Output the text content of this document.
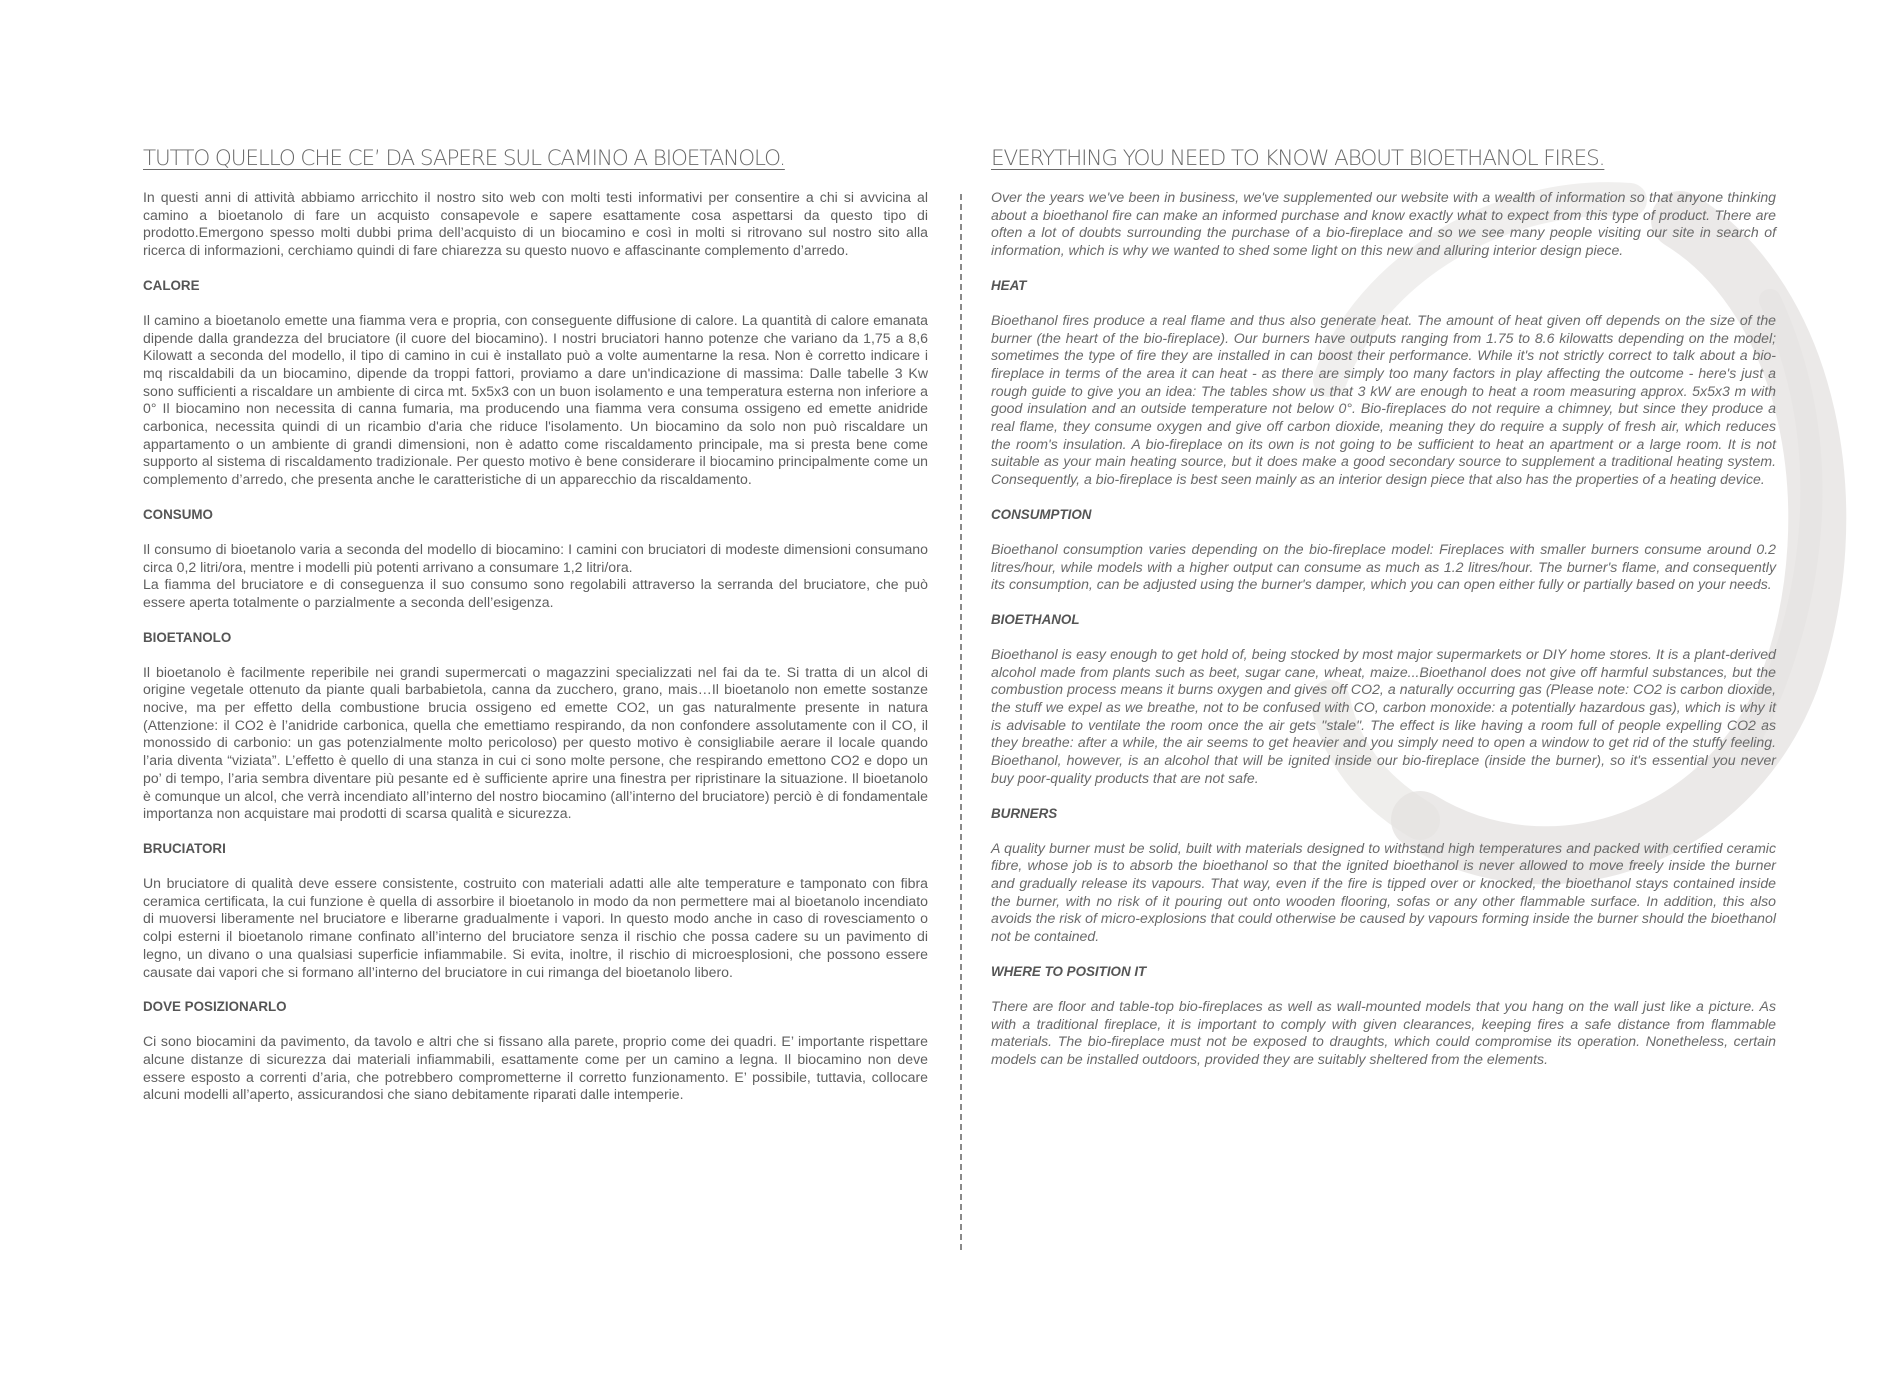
TUTTO QUELLO CHE CE’ DA SAPERE SUL CAMINO A BIOETANOLO.

In questi anni di attività abbiamo arricchito il nostro sito web con molti testi informativi per consentire a chi si avvicina al camino a bioetanolo di fare un acquisto consapevole e sapere esattamente cosa aspettarsi da questo tipo di prodotto.Emergono spesso molti dubbi prima dell’acquisto di un biocamino e così in molti si ritrovano sul nostro sito alla ricerca di informazioni, cerchiamo quindi di fare chiarezza su questo nuovo e affascinante complemento d’arredo.

CALORE

Il camino a bioetanolo emette una fiamma vera e propria, con conseguente diffusione di calore. La quantità di calore emanata dipende dalla grandezza del bruciatore (il cuore del biocamino). I nostri bruciatori hanno potenze che variano da 1,75 a 8,6 Kilowatt a seconda del modello, il tipo di camino in cui è installato può a volte aumentarne la resa. Non è corretto indicare i mq riscaldabili da un biocamino, dipende da troppi fattori, proviamo a dare un'indicazione di massima: Dalle tabelle 3 Kw sono sufficienti a riscaldare un ambiente di circa mt. 5x5x3 con un buon isolamento e una temperatura esterna non inferiore a 0° Il biocamino non necessita di canna fumaria, ma producendo una fiamma vera consuma ossigeno ed emette anidride carbonica, necessita quindi di un ricambio d'aria che riduce l'isolamento. Un biocamino da solo non può riscaldare un appartamento o un ambiente di grandi dimensioni, non è adatto come riscaldamento principale, ma si presta bene come supporto al sistema di riscaldamento tradizionale. Per questo motivo è bene considerare il biocamino principalmente come un complemento d’arredo, che presenta anche le caratteristiche di un apparecchio da riscaldamento.

CONSUMO

Il consumo di bioetanolo varia a seconda del modello di biocamino: I camini con bruciatori di modeste dimensioni consumano circa 0,2 litri/ora, mentre i modelli più potenti arrivano a consumare 1,2 litri/ora.
La fiamma del bruciatore e di conseguenza il suo consumo sono regolabili attraverso la serranda del bruciatore, che può essere aperta totalmente o parzialmente a seconda dell’esigenza.

BIOETANOLO

Il bioetanolo è facilmente reperibile nei grandi supermercati o magazzini specializzati nel fai da te. Si tratta di un alcol di origine vegetale ottenuto da piante quali barbabietola, canna da zucchero, grano, mais…Il bioetanolo non emette sostanze nocive, ma per effetto della combustione brucia ossigeno ed emette CO2, un gas naturalmente presente in natura (Attenzione: il CO2 è l’anidride carbonica, quella che emettiamo respirando, da non confondere assolutamente con il CO, il monossido di carbonio: un gas potenzialmente molto pericoloso) per questo motivo è consigliabile aerare il locale quando l’aria diventa “viziata”. L’effetto è quello di una stanza in cui ci sono molte persone, che respirando emettono CO2 e dopo un po’ di tempo, l’aria sembra diventare più pesante ed è sufficiente aprire una finestra per ripristinare la situazione. Il bioetanolo è comunque un alcol, che verrà incendiato all’interno del nostro biocamino (all’interno del bruciatore) perciò è di fondamentale importanza non acquistare mai prodotti di scarsa qualità e sicurezza.

BRUCIATORI

Un bruciatore di qualità deve essere consistente, costruito con materiali adatti alle alte temperature e tamponato con fibra ceramica certificata, la cui funzione è quella di assorbire il bioetanolo in modo da non permettere mai al bioetanolo incendiato di muoversi liberamente nel bruciatore e liberarne gradualmente i vapori. In questo modo anche in caso di rovesciamento o colpi esterni il bioetanolo rimane confinato all’interno del bruciatore senza il rischio che possa cadere su un pavimento di legno, un divano o una qualsiasi superficie infiammabile. Si evita, inoltre, il rischio di microesplosioni, che possono essere causate dai vapori che si formano all’interno del bruciatore in cui rimanga del bioetanolo libero.

DOVE POSIZIONARLO

Ci sono biocamini da pavimento, da tavolo e altri che si fissano alla parete, proprio come dei quadri. E’ importante rispettare alcune distanze di sicurezza dai materiali infiammabili, esattamente come per un camino a legna. Il biocamino non deve essere esposto a correnti d’aria, che potrebbero comprometterne il corretto funzionamento. E’ possibile, tuttavia, collocare alcuni modelli all’aperto, assicurandosi che siano debitamente riparati dalle intemperie.

EVERYTHING YOU NEED TO KNOW ABOUT BIOETHANOL FIRES.

Over the years we've been in business, we've supplemented our website with a wealth of information so that anyone thinking about a bioethanol fire can make an informed purchase and know exactly what to expect from this type of product. There are often a lot of doubts surrounding the purchase of a bio-fireplace and so we see many people visiting our site in search of information, which is why we wanted to shed some light on this new and alluring interior design piece.

HEAT

Bioethanol fires produce a real flame and thus also generate heat. The amount of heat given off depends on the size of the burner (the heart of the bio-fireplace). Our burners have outputs ranging from 1.75 to 8.6 kilowatts depending on the model; sometimes the type of fire they are installed in can boost their performance. While it's not strictly correct to talk about a bio-fireplace in terms of the area it can heat - as there are simply too many factors in play affecting the outcome - here's just a rough guide to give you an idea: The tables show us that 3 kW are enough to heat a room measuring approx. 5x5x3 m with good insulation and an outside temperature not below 0°. Bio-fireplaces do not require a chimney, but since they produce a real flame, they consume oxygen and give off carbon dioxide, meaning they do require a supply of fresh air, which reduces the room's insulation. A bio-fireplace on its own is not going to be sufficient to heat an apartment or a large room. It is not suitable as your main heating source, but it does make a good secondary source to supplement a traditional heating system. Consequently, a bio-fireplace is best seen mainly as an interior design piece that also has the properties of a heating device.

CONSUMPTION

Bioethanol consumption varies depending on the bio-fireplace model: Fireplaces with smaller burners consume around 0.2 litres/hour, while models with a higher output can consume as much as 1.2 litres/hour. The burner's flame, and consequently its consumption, can be adjusted using the burner's damper, which you can open either fully or partially based on your needs.

BIOETHANOL

Bioethanol is easy enough to get hold of, being stocked by most major supermarkets or DIY home stores. It is a plant-derived alcohol made from plants such as beet, sugar cane, wheat, maize...Bioethanol does not give off harmful substances, but the combustion process means it burns oxygen and gives off CO2, a naturally occurring gas (Please note: CO2 is carbon dioxide, the stuff we expel as we breathe, not to be confused with CO, carbon monoxide: a potentially hazardous gas), which is why it is advisable to ventilate the room once the air gets "stale". The effect is like having a room full of people expelling CO2 as they breathe: after a while, the air seems to get heavier and you simply need to open a window to get rid of the stuffy feeling. Bioethanol, however, is an alcohol that will be ignited inside our bio-fireplace (inside the burner), so it's essential you never buy poor-quality products that are not safe.

BURNERS

A quality burner must be solid, built with materials designed to withstand high temperatures and packed with certified ceramic fibre, whose job is to absorb the bioethanol so that the ignited bioethanol is never allowed to move freely inside the burner and gradually release its vapours. That way, even if the fire is tipped over or knocked, the bioethanol stays contained inside the burner, with no risk of it pouring out onto wooden flooring, sofas or any other flammable surface. In addition, this also avoids the risk of micro-explosions that could otherwise be caused by vapours forming inside the burner should the bioethanol not be contained.

WHERE TO POSITION IT

There are floor and table-top bio-fireplaces as well as wall-mounted models that you hang on the wall just like a picture. As with a traditional fireplace, it is important to comply with given clearances, keeping fires a safe distance from flammable materials. The bio-fireplace must not be exposed to draughts, which could compromise its operation. Nonetheless, certain models can be installed outdoors, provided they are suitably sheltered from the elements.
